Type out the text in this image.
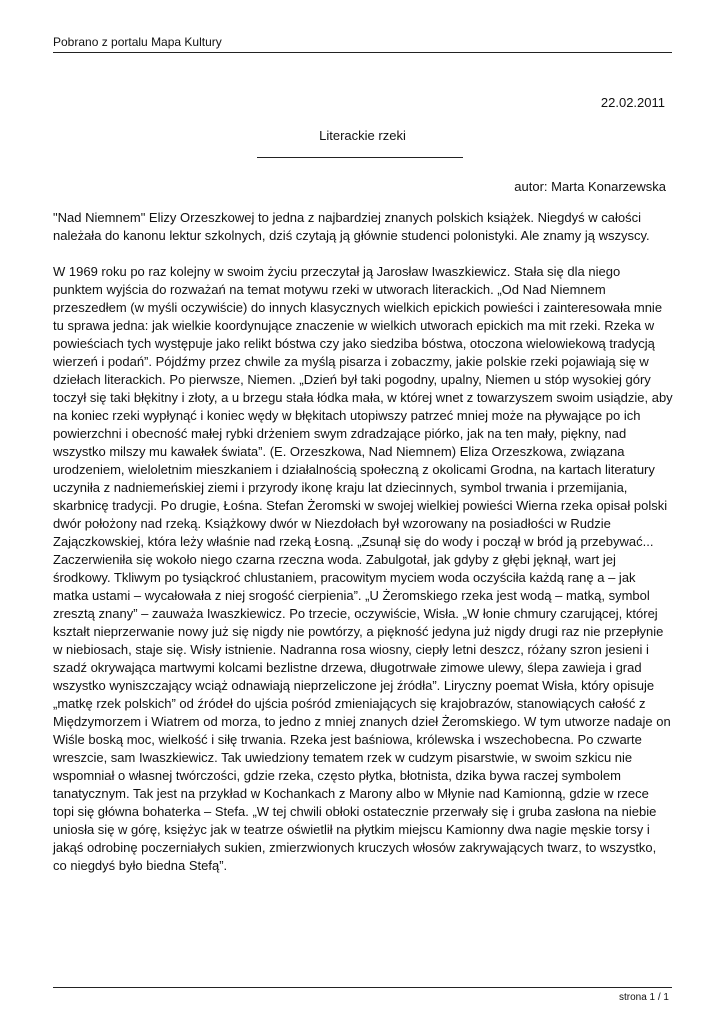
Pobrano z portalu Mapa Kultury
22.02.2011
Literackie rzeki
autor: Marta Konarzewska

"Nad Niemnem" Elizy Orzeszkowej to jedna z najbardziej znanych polskich książek. Niegdyś w całości należała do kanonu lektur szkolnych, dziś czytają ją głównie studenci polonistyki. Ale znamy ją wszyscy.

W 1969 roku po raz kolejny w swoim życiu przeczytał ją Jarosław Iwaszkiewicz. Stała się dla niego punktem wyjścia do rozważań na temat motywu rzeki w utworach literackich. „Od Nad Niemnem przeszedłem (w myśli oczywiście) do innych klasycznych wielkich epickich powieści i zainteresowała mnie tu sprawa jedna: jak wielkie koordynujące znaczenie w wielkich utworach epickich ma mit rzeki. Rzeka w powieściach tych występuje jako relikt bóstwa czy jako siedziba bóstwa, otoczona wielowiekową tradycją wierzeń i podań”. Pójdźmy przez chwile za myślą pisarza i zobaczmy, jakie polskie rzeki pojawiają się w dziełach literackich. Po pierwsze, Niemen. „Dzień był taki pogodny, upalny, Niemen u stóp wysokiej góry toczył się taki błękitny i złoty, a u brzegu stała łódka mała, w której wnet z towarzyszem swoim usiądzie, aby na koniec rzeki wypłynąć i koniec wędy w błękitach utopiwszy patrzeć mniej może na pływające po ich powierzchni i obecność małej rybki drżeniem swym zdradzające piórko, jak na ten mały, piękny, nad wszystko milszy mu kawałek świata”. (E. Orzeszkowa, Nad Niemnem) Eliza Orzeszkowa, związana urodzeniem, wieloletnim mieszkaniem i działalnością społeczną z okolicami Grodna, na kartach literatury uczyniła z nadniemeńskiej ziemi i przyrody ikonę kraju lat dziecinnych, symbol trwania i przemijania, skarbnicę tradycji. Po drugie, Łośna. Stefan Żeromski w swojej wielkiej powieści Wierna rzeka opisał polski dwór położony nad rzeką. Książkowy dwór w Niezdołach był wzorowany na posiadłości w Rudzie Zajączkowskiej, która leży właśnie nad rzeką Łosną. „Zsunął się do wody i począł w bród ją przebywać... Zaczerwieniła się wokoło niego czarna rzeczna woda. Zabulgotał, jak gdyby z głębi jęknął, wart jej środkowy. Tkliwym po tysiąckroć chlustaniem, pracowitym myciem woda oczyściła każdą ranę a – jak matka ustami – wycałowała z niej srogość cierpienia”. „U Żeromskiego rzeka jest wodą – matką, symbol zresztą znany” – zauważa Iwaszkiewicz. Po trzecie, oczywiście, Wisła. „W łonie chmury czarującej, której kształt nieprzerwanie nowy już się nigdy nie powtórzy, a piękność jedyna już nigdy drugi raz nie przepłynie w niebiosach, staje się. Wisły istnienie. Nadranna rosa wiosny, ciepły letni deszcz, różany szron jesieni i szadź okrywająca martwymi kolcami bezlistne drzewa, długotrwałe zimowe ulewy, ślepa zawieja i grad wszystko wyniszczający wciąż odnawiają nieprzeliczone jej źródła”. Liryczny poemat Wisła, który opisuje „matkę rzek polskich” od źródeł do ujścia pośród zmieniających się krajobrazów, stanowiących całość z Międzymorzem i Wiatrem od morza, to jedno z mniej znanych dzieł Żeromskiego. W tym utworze nadaje on Wiśle boską moc, wielkość i siłę trwania. Rzeka jest baśniowa, królewska i wszechobecna. Po czwarte wreszcie, sam Iwaszkiewicz. Tak uwiedziony tematem rzek w cudzym pisarstwie, w swoim szkicu nie wspomniał o własnej twórczości, gdzie rzeka, często płytka, błotnista, dzika bywa raczej symbolem tanatycznym. Tak jest na przykład w Kochankach z Marony albo w Młynie nad Kamionną, gdzie w rzece topi się główna bohaterka – Stefa. „W tej chwili obłoki ostatecznie przerwały się i gruba zasłona na niebie uniosła się w górę, księżyc jak w teatrze oświetlił na płytkim miejscu Kamionny dwa nagie męskie torsy i jakąś odrobinę poczerniałych sukien, zmierzwionych kruczych włosów zakrywających twarz, to wszystko, co niegdyś było biedna Stefą”.

strona 1 / 1
